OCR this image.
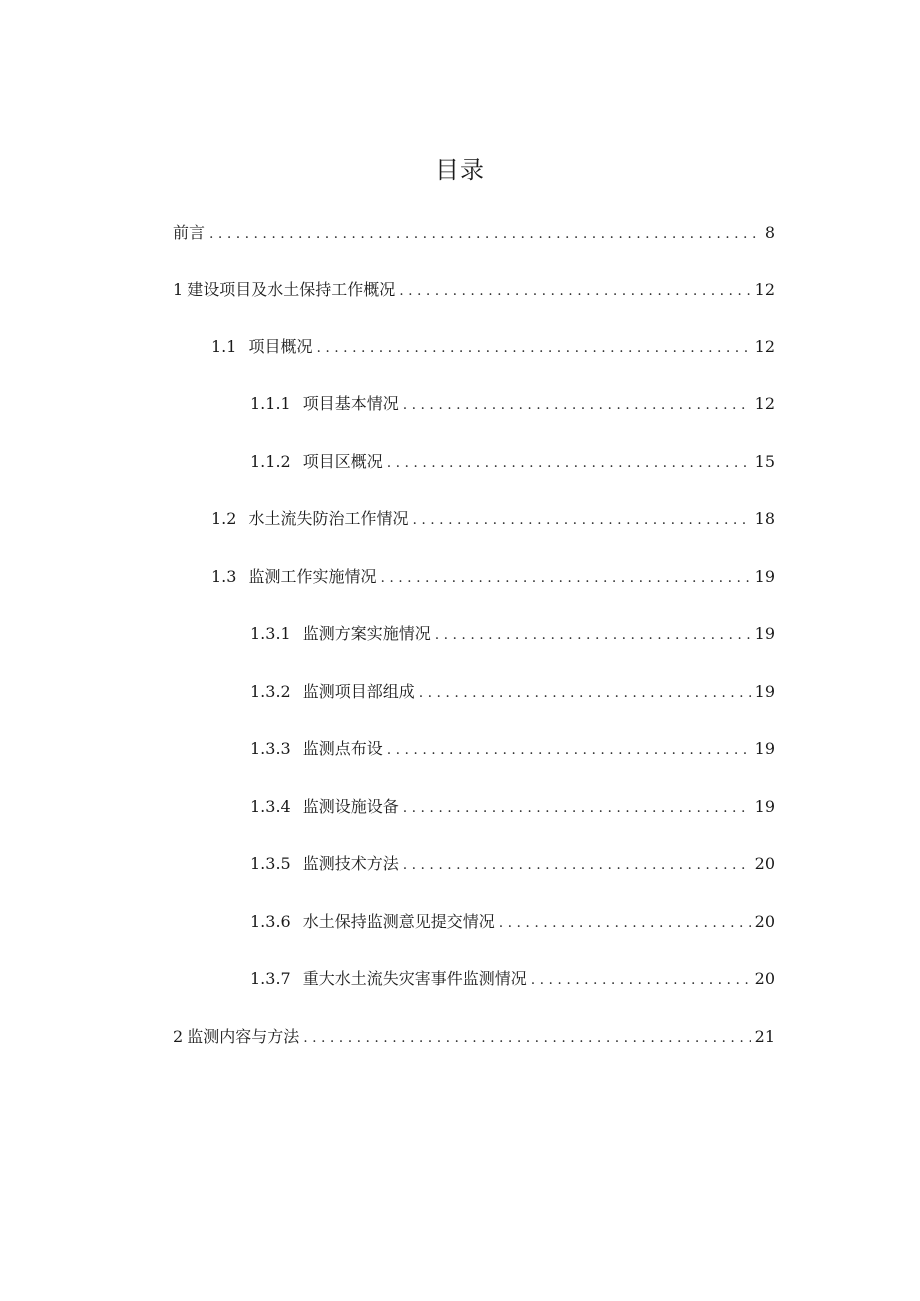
目录
前言 . . .	8
1 建设项目及水土保持工作概况 . . .	12
1.1 项目概况 . . .	12
1.1.1 项目基本情况 . . .	12
1.1.2 项目区概况 . . .	15
1.2 水土流失防治工作情况 . . .	18
1.3 监测工作实施情况 . . .	19
1.3.1 监测方案实施情况 . . .	19
1.3.2 监测项目部组成 . . .	19
1.3.3 监测点布设 . . .	19
1.3.4 监测设施设备 . . .	19
1.3.5 监测技术方法 . . .	20
1.3.6 水土保持监测意见提交情况 . . .	20
1.3.7 重大水土流失灾害事件监测情况 . . .	20
2 监测内容与方法 . . .	21
